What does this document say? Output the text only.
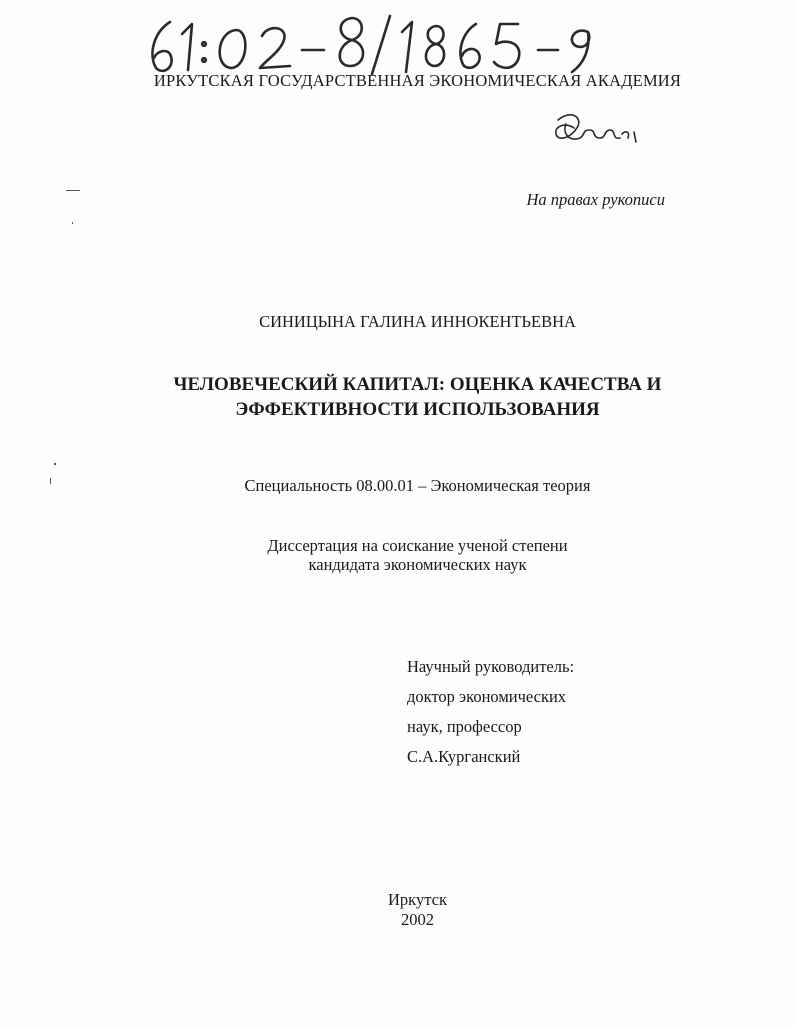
ИРКУТСКАЯ ГОСУДАРСТВЕННАЯ ЭКОНОМИЧЕСКАЯ АКАДЕМИЯ
На правах рукописи
СИНИЦЫНА ГАЛИНА ИННОКЕНТЬЕВНА
ЧЕЛОВЕЧЕСКИЙ КАПИТАЛ: ОЦЕНКА КАЧЕСТВА И
ЭФФЕКТИВНОСТИ ИСПОЛЬЗОВАНИЯ
Специальность 08.00.01 – Экономическая теория
Диссертация на соискание ученой степени
кандидата экономических наук
Научный руководитель:
доктор экономических
наук, профессор
С.А.Курганский
Иркутск
2002
